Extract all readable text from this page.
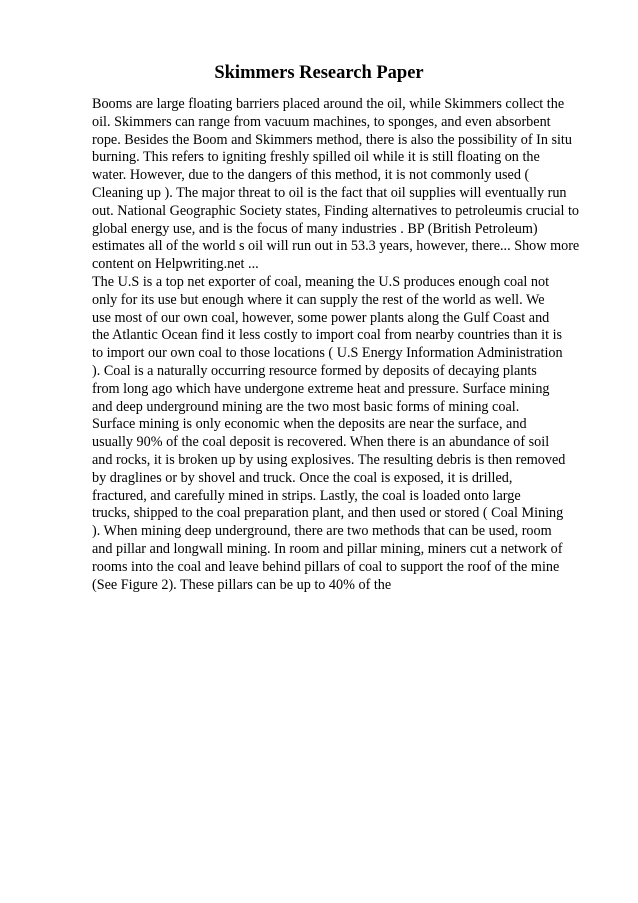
Skimmers Research Paper
Booms are large floating barriers placed around the oil, while Skimmers collect the
oil. Skimmers can range from vacuum machines, to sponges, and even absorbent
rope. Besides the Boom and Skimmers method, there is also the possibility of In situ
burning. This refers to igniting freshly spilled oil while it is still floating on the
water. However, due to the dangers of this method, it is not commonly used (
Cleaning up ). The major threat to oil is the fact that oil supplies will eventually run
out. National Geographic Society states, Finding alternatives to petroleumis crucial to
global energy use, and is the focus of many industries . BP (British Petroleum)
estimates all of the world s oil will run out in 53.3 years, however, there... Show more
content on Helpwriting.net ...
The U.S is a top net exporter of coal, meaning the U.S produces enough coal not
only for its use but enough where it can supply the rest of the world as well. We
use most of our own coal, however, some power plants along the Gulf Coast and
the Atlantic Ocean find it less costly to import coal from nearby countries than it is
to import our own coal to those locations ( U.S Energy Information Administration
). Coal is a naturally occurring resource formed by deposits of decaying plants
from long ago which have undergone extreme heat and pressure. Surface mining
and deep underground mining are the two most basic forms of mining coal.
Surface mining is only economic when the deposits are near the surface, and
usually 90% of the coal deposit is recovered. When there is an abundance of soil
and rocks, it is broken up by using explosives. The resulting debris is then removed
by draglines or by shovel and truck. Once the coal is exposed, it is drilled,
fractured, and carefully mined in strips. Lastly, the coal is loaded onto large
trucks, shipped to the coal preparation plant, and then used or stored ( Coal Mining
). When mining deep underground, there are two methods that can be used, room
and pillar and longwall mining. In room and pillar mining, miners cut a network of
rooms into the coal and leave behind pillars of coal to support the roof of the mine
(See Figure 2). These pillars can be up to 40% of the
